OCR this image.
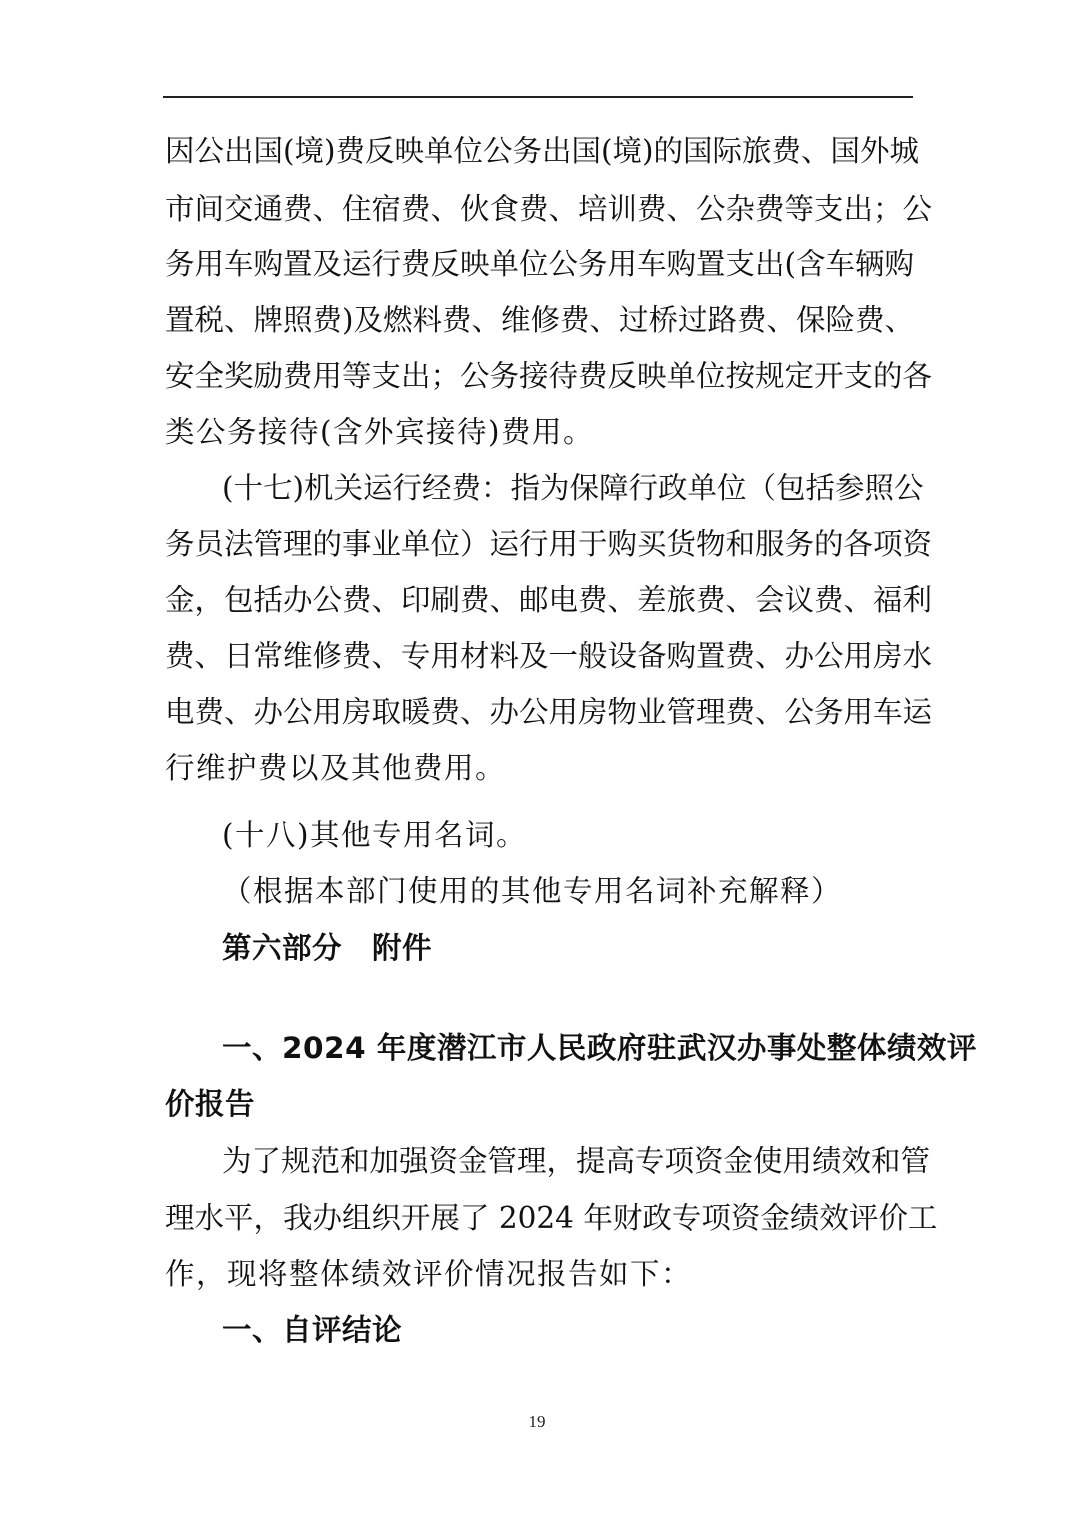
因公出国(境)费反映单位公务出国(境)的国际旅费、国外城
市间交通费、住宿费、伙食费、培训费、公杂费等支出；公
务用车购置及运行费反映单位公务用车购置支出(含车辆购
置税、牌照费)及燃料费、维修费、过桥过路费、保险费、
安全奖励费用等支出；公务接待费反映单位按规定开支的各
类公务接待(含外宾接待)费用。
(十七)机关运行经费：指为保障行政单位（包括参照公
务员法管理的事业单位）运行用于购买货物和服务的各项资
金，包括办公费、印刷费、邮电费、差旅费、会议费、福利
费、日常维修费、专用材料及一般设备购置费、办公用房水
电费、办公用房取暖费、办公用房物业管理费、公务用车运
行维护费以及其他费用。
(十八)其他专用名词。
（根据本部门使用的其他专用名词补充解释）
第六部分　附件
一、2024 年度潜江市人民政府驻武汉办事处整体绩效评
价报告
为了规范和加强资金管理，提高专项资金使用绩效和管
理水平，我办组织开展了 2024 年财政专项资金绩效评价工
作，现将整体绩效评价情况报告如下：
一、自评结论
19
